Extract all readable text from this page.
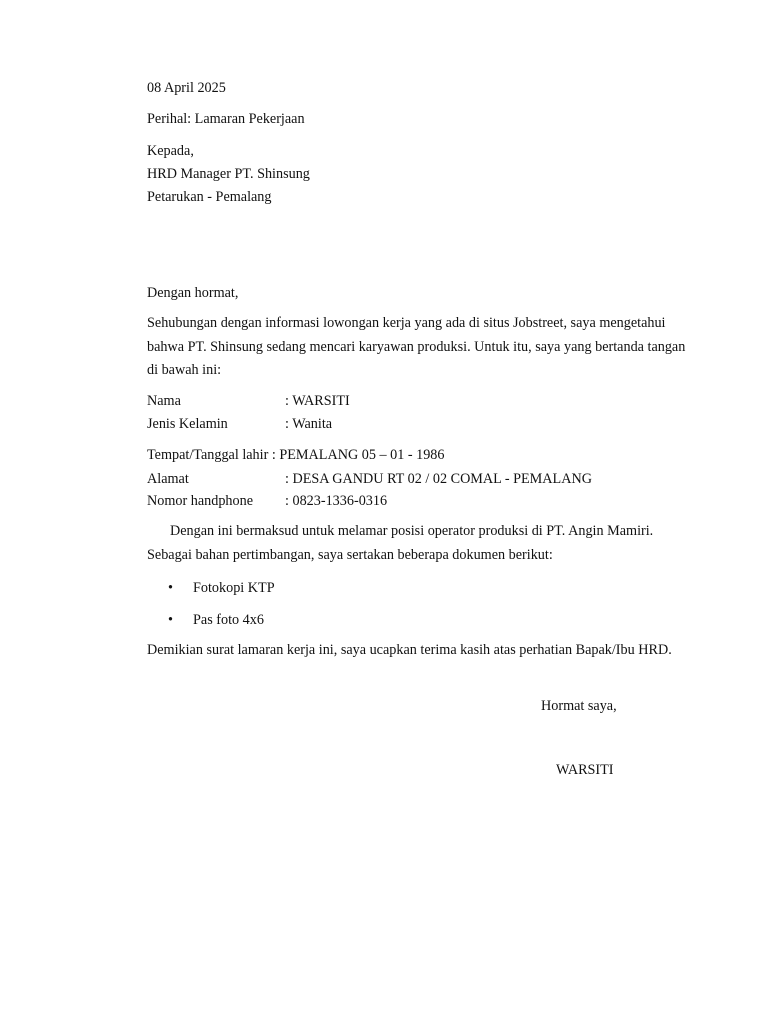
08 April 2025
Perihal: Lamaran Pekerjaan
Kepada,
HRD Manager PT. Shinsung
Petarukan - Pemalang
Dengan hormat,
Sehubungan dengan informasi lowongan kerja yang ada di situs Jobstreet, saya mengetahui bahwa PT. Shinsung sedang mencari karyawan produksi. Untuk itu, saya yang bertanda tangan di bawah ini:
Nama	: WARSITI
Jenis Kelamin	: Wanita
Tempat/Tanggal lahir : PEMALANG 05 – 01 - 1986
Alamat	: DESA GANDU RT 02 / 02 COMAL - PEMALANG
Nomor handphone : 0823-1336-0316
Dengan ini bermaksud untuk melamar posisi operator produksi di PT. Angin Mamiri. Sebagai bahan pertimbangan, saya sertakan beberapa dokumen berikut:
• Fotokopi KTP
• Pas foto 4x6
Demikian surat lamaran kerja ini, saya ucapkan terima kasih atas perhatian Bapak/Ibu HRD.
Hormat saya,
WARSITI
